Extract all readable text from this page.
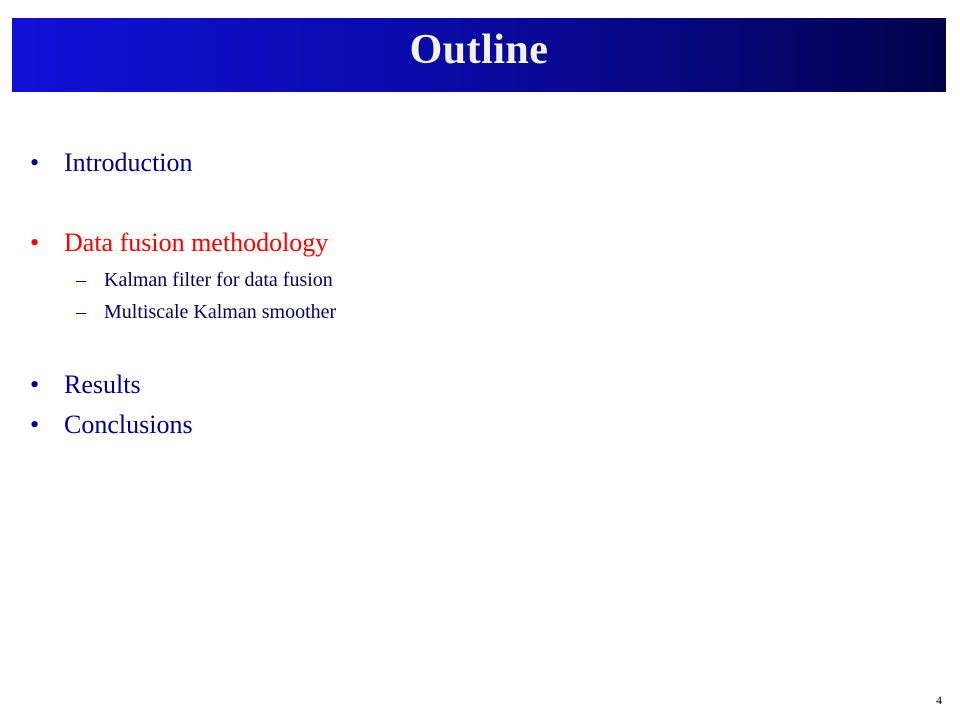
Outline
• Introduction
• Data fusion methodology
– Kalman filter for data fusion
– Multiscale Kalman smoother
• Results
• Conclusions
4
